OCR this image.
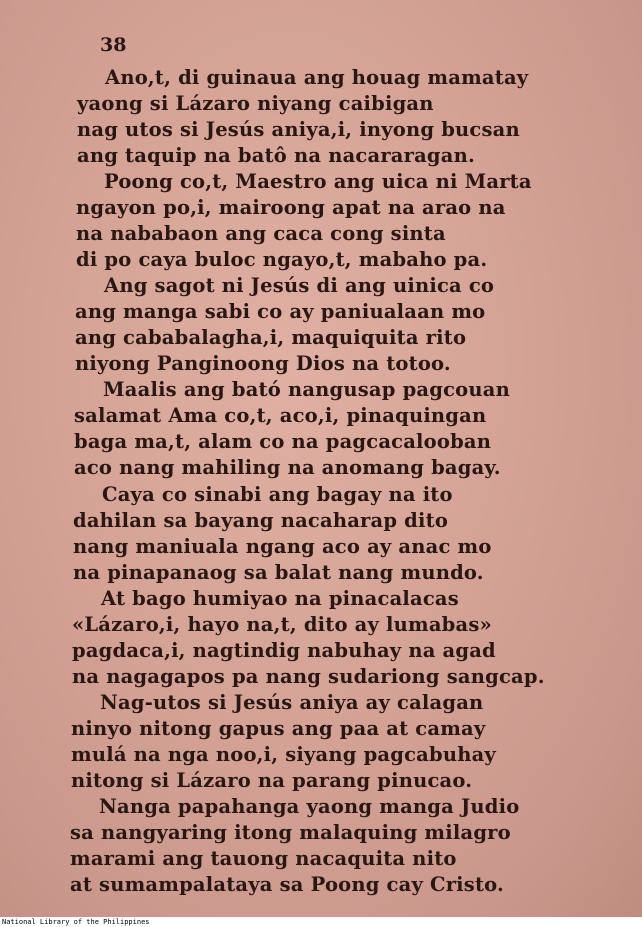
38
Ano,t, di guinaua ang houag mamatay
yaong si Lázaro niyang caibigan
nag utos si Jesús aniya,i, inyong bucsan
ang taquip na batô na nacararagan.
Poong co,t, Maestro ang uica ni Marta
ngayon po,i, mairoong apat na arao na
na nababaon ang caca cong sinta
di po caya buloc ngayo,t, mabaho pa.
Ang sagot ni Jesús di ang uinica co
ang manga sabi co ay paniualaan mo
ang cababalagha,i, maquiquita rito
niyong Panginoong Dios na totoo.
Maalis ang bató nangusap pagcouan
salamat Ama co,t, aco,i, pinaquingan
baga ma,t, alam co na pagcacalooban
aco nang mahiling na anomang bagay.
Caya co sinabi ang bagay na ito
dahilan sa bayang nacaharap dito
nang maniuala ngang aco ay anac mo
na pinapanaog sa balat nang mundo.
At bago humiyao na pinacalacas
«Lázaro,i, hayo na,t, dito ay lumabas»
pagdaca,i, nagtindig nabuhay na agad
na nagagapos pa nang sudariong sangcap.
Nag-utos si Jesús aniya ay calagan
ninyo nitong gapus ang paa at camay
mulá na nga noo,i, siyang pagcabuhay
nitong si Lázaro na parang pinucao.
Nanga papahanga yaong manga Judio
sa nangyaring itong malaquing milagro
marami ang tauong nacaquita nito
at sumampalataya sa Poong cay Cristo.
National Library of the Philippines
